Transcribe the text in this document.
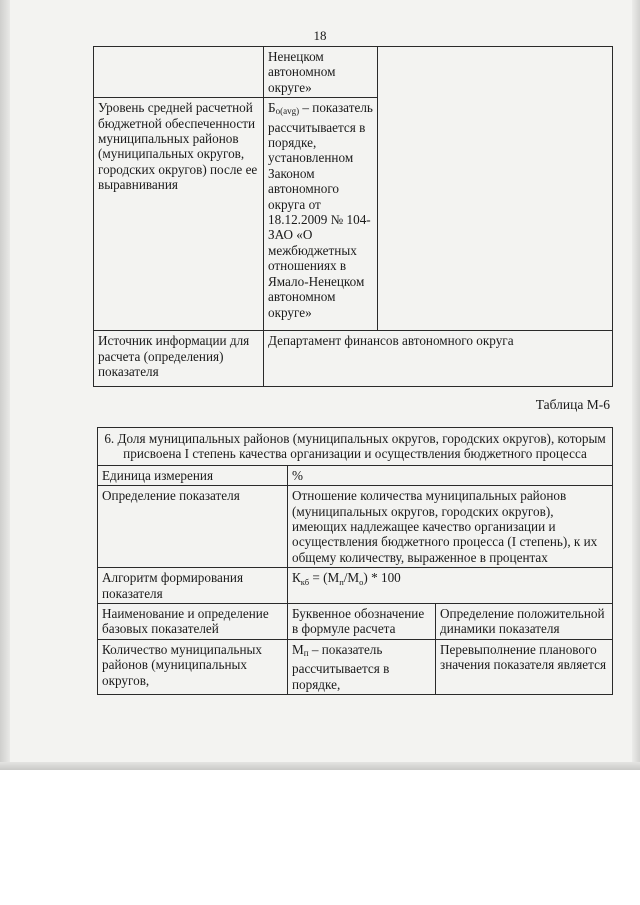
18
	Ненецком автономном округе»	
Уровень средней расчетной бюджетной обеспеченности муниципальных районов (муниципальных округов, городских округов) после ее выравнивания	$Б_{o(avg)}$ – показатель рассчитывается в порядке, установленном Законом автономного округа от 18.12.2009 № 104-ЗАО «О межбюджетных отношениях в Ямало-Ненецком автономном округе»	
Источник информации для расчета (определения) показателя	Департамент финансов автономного округа	
Таблица М-6
6. Доля муниципальных районов (муниципальных округов, городских округов), которым присвоена I степень качества организации и осуществления бюджетного процесса		
Единица измерения	%	
Определение показателя	Отношение количества муниципальных районов (муниципальных округов, городских округов), имеющих надлежащее качество организации и осуществления бюджетного процесса (I степень), к их общему количеству, выраженное в процентах	
Алгоритм формирования показателя	$К_{кб} = (М_п/М_о) * 100$	
Наименование и определение базовых показателей	Буквенное обозначение в формуле расчета	Определение положительной динамики показателя
Количество муниципальных районов (муниципальных округов,	$М_п$ – показатель рассчитывается в порядке,	Перевыполнение планового значения показателя является
